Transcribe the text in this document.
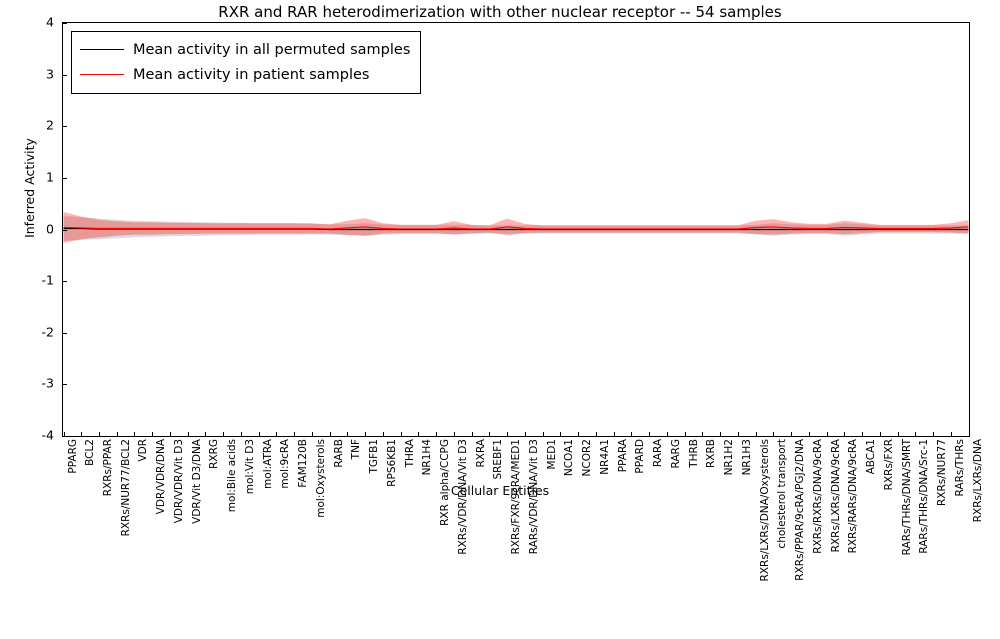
RXR and RAR heterodimerization with other nuclear receptor -- 54 samples
Inferred Activity
Cellular Entities
-4
-3
-2
-1
0
1
2
3
4
PPARG BCL2 RXRs/PPAR RXRs/NUR77/BCL2 VDR VDR/VDR/DNA VDR/VDR/Vit D3 VDR/Vit D3/DNA RXRG mol:Bile acids mol:Vit D3 mol:ATRA mol:9cRA FAM120B mol:Oxysterols RARB TNF TGFB1 RPS6KB1 THRA NR1H4 RXR alpha/CCPG RXRs/VDR/DNA/Vit D3 RXRA SREBF1 RXRs/FXR/9cRA/MED1 RARs/VDR/DNA/Vit D3 MED1 NCOA1 NCOR2 NR4A1 PPARA PPARD RARA RARG THRB RXRB NR1H2 NR1H3 RXRs/LXRs/DNA/Oxysterols cholesterol transport RXRs/PPAR/9cRA/PGJ2/DNA RXRs/RXRs/DNA/9cRA RXRs/LXRs/DNA/9cRA RXRs/RARs/DNA/9cRA ABCA1 RXRs/FXR RARs/THRs/DNA/SMRT RARs/THRs/DNA/Src-1 RXRs/NUR77 RARs/THRs RXRs/LXRs/DNA
Mean activity in all permuted samples
Mean activity in patient samples
